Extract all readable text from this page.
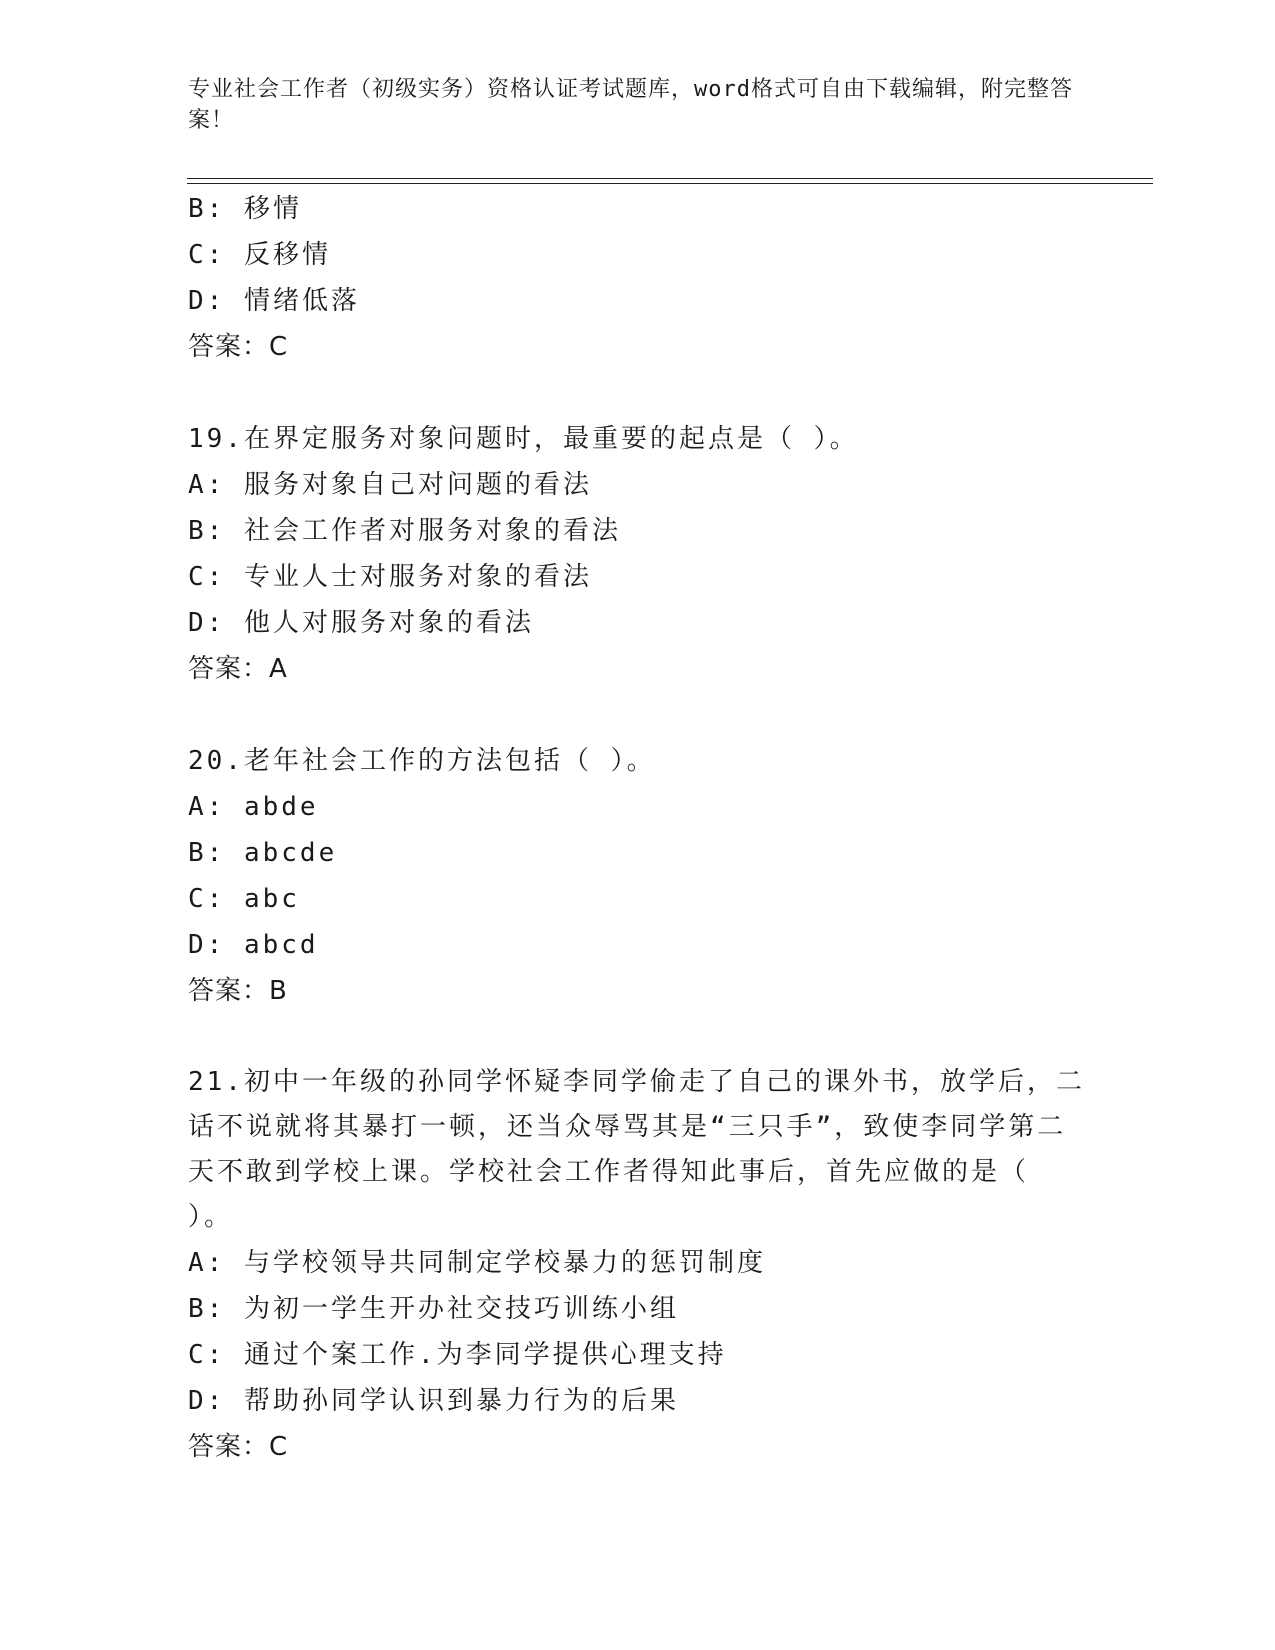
专业社会工作者（初级实务）资格认证考试题库，word格式可自由下载编辑，附完整答案！
B: 移情
C: 反移情
D: 情绪低落
答案：C
19.在界定服务对象问题时，最重要的起点是（ ）。
A: 服务对象自己对问题的看法
B: 社会工作者对服务对象的看法
C: 专业人士对服务对象的看法
D: 他人对服务对象的看法
答案：A
20.老年社会工作的方法包括（ ）。
A: abde
B: abcde
C: abc
D: abcd
答案：B
21.初中一年级的孙同学怀疑李同学偷走了自己的课外书，放学后，二话不说就将其暴打一顿，还当众辱骂其是“三只手”，致使李同学第二天不敢到学校上课。学校社会工作者得知此事后，首先应做的是（ ）。
A: 与学校领导共同制定学校暴力的惩罚制度
B: 为初一学生开办社交技巧训练小组
C: 通过个案工作.为李同学提供心理支持
D: 帮助孙同学认识到暴力行为的后果
答案：C
